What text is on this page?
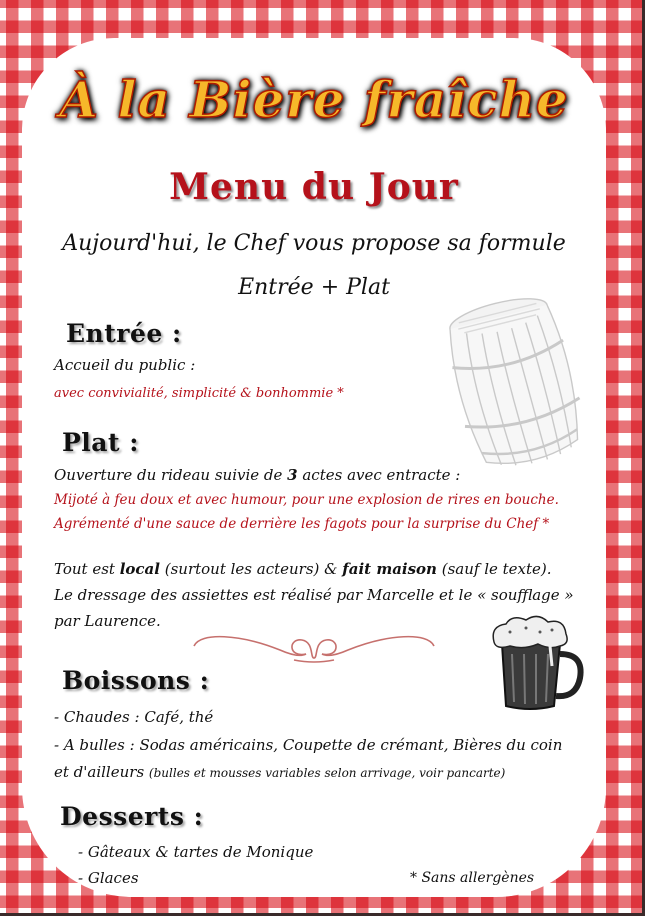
À la Bière fraîche
Menu du Jour
Aujourd'hui, le Chef vous propose sa formule
Entrée + Plat
Entrée :
Accueil du public :
avec convivialité, simplicité & bonhommie *
Plat :
Ouverture du rideau suivie de 3 actes avec entracte :
Mijoté à feu doux et avec humour, pour une explosion de rires en bouche.
Agrémenté d'une sauce de derrière les fagots pour la surprise du Chef *
Tout est local (surtout les acteurs) & fait maison (sauf le texte).
Le dressage des assiettes est réalisé par Marcelle et le « soufflage »
par Laurence.
Boissons :
- Chaudes : Café, thé
- A bulles : Sodas américains, Coupette de crémant, Bières du coin
et d'ailleurs (bulles et mousses variables selon arrivage, voir pancarte)
Desserts :
- Gâteaux & tartes de Monique
- Glaces	* Sans allergènes
